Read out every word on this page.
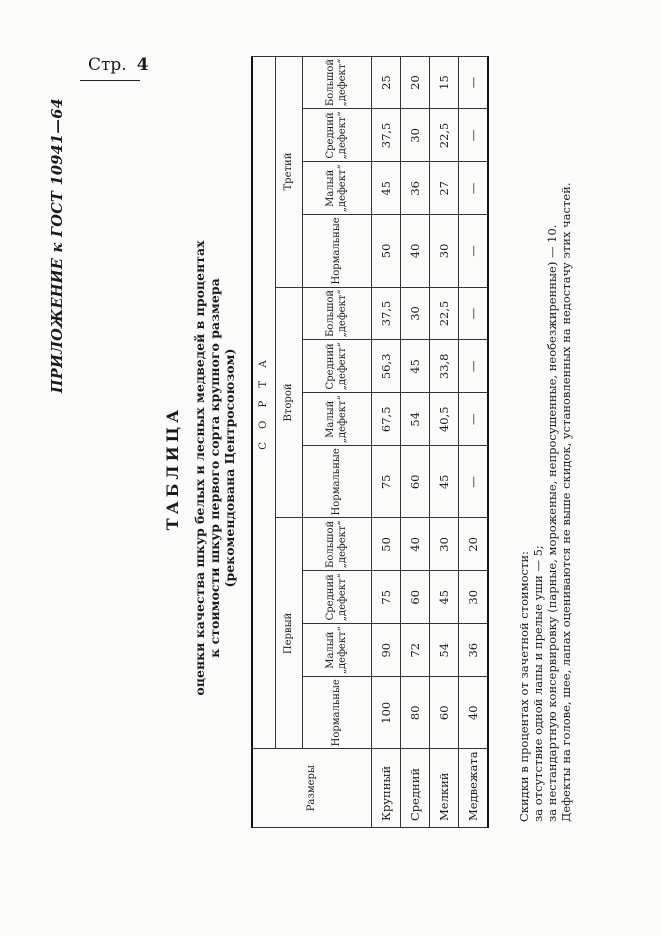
Стр. 4
ПРИЛОЖЕНИЕ к ГОСТ 10941—64
ТАБЛИЦА оценки качества шкур белых и лесных медведей в процентах к стоимости шкур первого сорта крупного размера (рекомендована Центросоюзом)
Размеры	С О Р Т А											
	Первый				Второй				Третий			
	Нормальные	Малый „дефект“	Средний „дефект“	Большой „дефект“	Нормальные	Малый „дефект“	Средний „дефект“	Большой „дефект“	Нормальные	Малый „дефект“	Средний „дефект“	Большой „дефект“
Крупный	100	90	75	50	75	67,5	56,3	37,5	50	45	37,5	25
Средний	80	72	60	40	60	54	45	30	40	36	30	20
Мелкий	60	54	45	30	45	40,5	33,8	22,5	30	27	22,5	15
Медвежата	40	36	30	20	—	—	—	—	—	—	—	—
Скидки в процентах от зачетной стоимости: за отсутствие одной лапы и прелые уши — 5; за нестандартную консервировку (парные, мороженые, непросушенные, необезжиренные) — 10. Дефекты на голове, шее, лапах оцениваются не выше скидок, установленных на недостачу этих частей.
